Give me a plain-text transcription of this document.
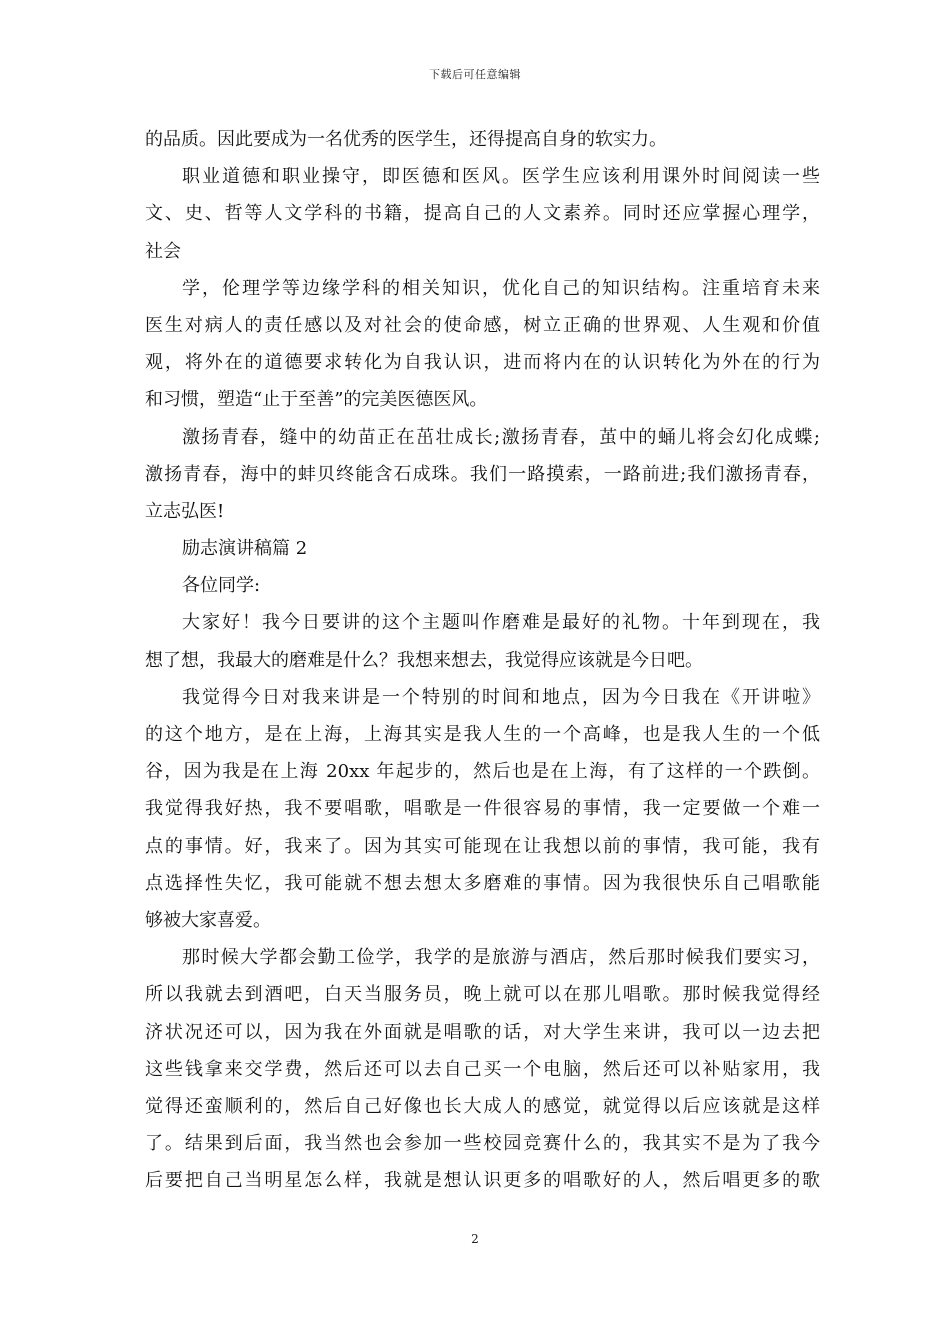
下载后可任意编辑
的品质。因此要成为一名优秀的医学生，还得提高自身的软实力。
职业道德和职业操守，即医德和医风。医学生应该利用课外时间阅读一些
文、史、哲等人文学科的书籍，提高自己的人文素养。同时还应掌握心理学，
社会
学，伦理学等边缘学科的相关知识，优化自己的知识结构。注重培育未来
医生对病人的责任感以及对社会的使命感，树立正确的世界观、人生观和价值
观，将外在的道德要求转化为自我认识，进而将内在的认识转化为外在的行为
和习惯，塑造“止于至善”的完美医德医风。
激扬青春，缝中的幼苗正在茁壮成长;激扬青春，茧中的蛹儿将会幻化成蝶;
激扬青春，海中的蚌贝终能含石成珠。我们一路摸索，一路前进;我们激扬青春，
立志弘医!
励志演讲稿篇 2
各位同学:
大家好！我今日要讲的这个主题叫作磨难是最好的礼物。十年到现在，我
想了想，我最大的磨难是什么？我想来想去，我觉得应该就是今日吧。
我觉得今日对我来讲是一个特别的时间和地点，因为今日我在《开讲啦》
的这个地方，是在上海，上海其实是我人生的一个高峰，也是我人生的一个低
谷，因为我是在上海 20xx 年起步的，然后也是在上海，有了这样的一个跌倒。
我觉得我好热，我不要唱歌，唱歌是一件很容易的事情，我一定要做一个难一
点的事情。好，我来了。因为其实可能现在让我想以前的事情，我可能，我有
点选择性失忆，我可能就不想去想太多磨难的事情。因为我很快乐自己唱歌能
够被大家喜爱。
那时候大学都会勤工俭学，我学的是旅游与酒店，然后那时候我们要实习，
所以我就去到酒吧，白天当服务员，晚上就可以在那儿唱歌。那时候我觉得经
济状况还可以，因为我在外面就是唱歌的话，对大学生来讲，我可以一边去把
这些钱拿来交学费，然后还可以去自己买一个电脑，然后还可以补贴家用，我
觉得还蛮顺利的，然后自己好像也长大成人的感觉，就觉得以后应该就是这样
了。结果到后面，我当然也会参加一些校园竞赛什么的，我其实不是为了我今
后要把自己当明星怎么样，我就是想认识更多的唱歌好的人，然后唱更多的歌
2
